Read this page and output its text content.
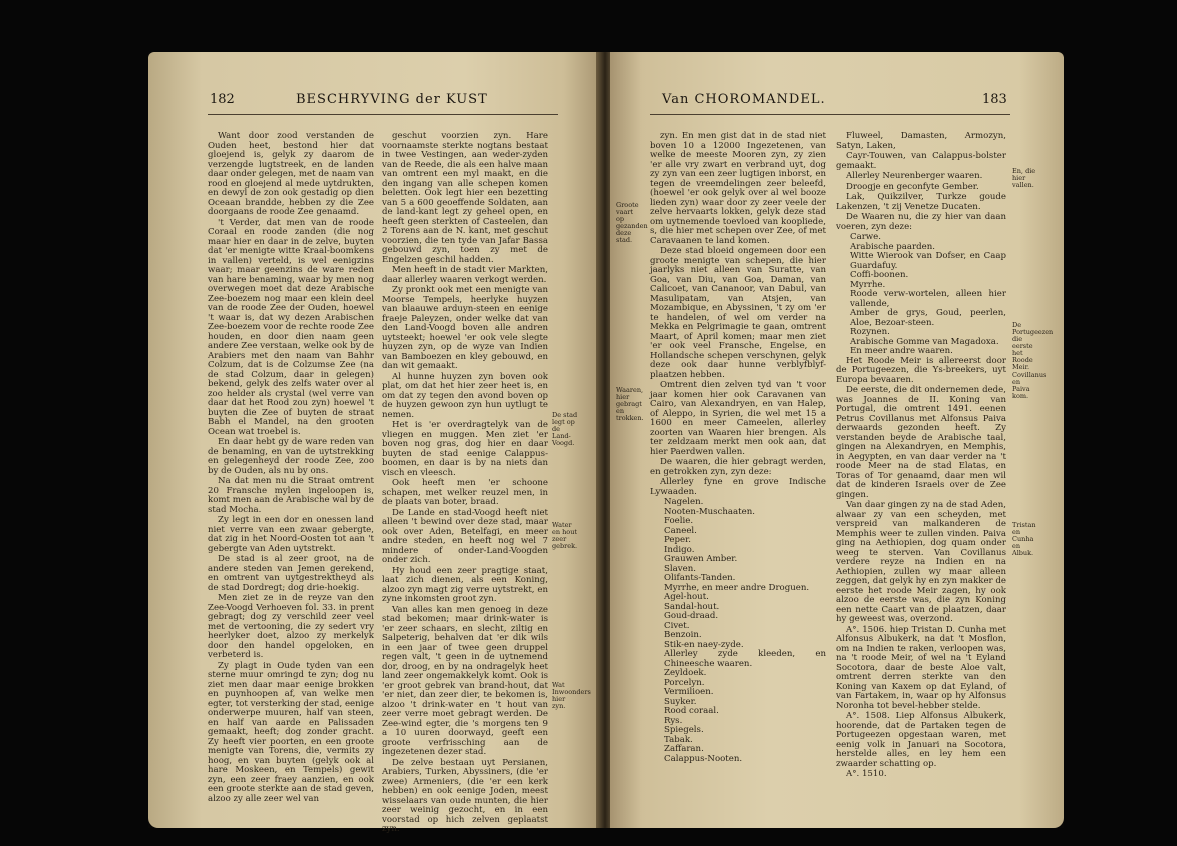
182	BESCHRYVING der KUST

Want door zood verstanden de Ouden heet, bestond hier dat gloejend is, gelyk zy daarom de verzengde lugtstreek, en de landen daar onder gelegen, met de naam van rood en gloejend al mede uytdrukten, en dewyl de zon ook gestadig op dien Oceaan brandde, hebben zy die Zee doorgaans de roode Zee genaamd.

't Verder, dat men van de roode Coraal en roode zanden (die nog maar hier en daar in de zelve, buyten dat 'er menigte witte Kraal-boomkens in vallen) verteld, is wel eenigzins waar; maar geenzins de ware reden van hare benaming, waar by men nog overwegen moet dat deze Arabische Zee-boezem nog maar een klein deel van de roode Zee der Ouden, hoewel 't waar is, dat wy dezen Arabischen Zee-boezem voor de rechte roode Zee houden, en door dien naam geen andere Zee verstaan, welke ook by de Arabiers met den naam van Bahhr Colzum, dat is de Colzumse Zee (na de stad Colzum, daar in gelegen) bekend, gelyk des zelfs water over al zoo helder als crystal (wel verre van daar dat het Rood zou zyn) hoewel 't buyten die Zee of buyten de straat Babh el Mandel, na den grooten Ocean wat troebel is.

En daar hebt gy de ware reden van de benaming, en van de uytstrekking en gelegenheyd der roode Zee, zoo by de Ouden, als nu by ons.

Na dat men nu die Straat omtrent 20 Fransche mylen ingeloopen is, komt men aan de Arabische wal by de stad Mocha.

Zy legt in een dor en onessen land niet verre van een zwaar gebergte, dat zig in het Noord-Oosten tot aan 't gebergte van Aden uytstrekt.

De stad is al zeer groot, na de andere steden van Jemen gerekend, en omtrent van uytgestrektheyd als de stad Dordregt; dog drie-hoekig.

Men ziet ze in de reyze van den Zee-Voogd Verhoeven fol. 33. in prent gebragt; dog zy verschild zeer veel met de vertooning, die zy sedert vry heerlyker doet, alzoo zy merkelyk door den handel opgeloken, en verbeterd is.

Zy plagt in Oude tyden van een sterne muur omringd te zyn; dog nu ziet men daar maar eenige brokken en puynhoopen af, van welke men egter, tot versterking der stad, eenige onderwerpe muuren, half van steen, en half van aarde en Palissaden gemaakt, heeft; dog zonder gracht. Zy heeft vier poorten, en een groote menigte van Torens, die, vermits zy hoog, en van buyten (gelyk ook al hare Moskeen, en Tempels) gewit zyn, een zeer fraey aanzien, en ook een groote sterkte aan de stad geven, alzoo zy alle zeer wel van

geschut voorzien zyn. Hare voornaamste sterkte nogtans bestaat in twee Vestingen, aan weder-zyden van de Reede, die als een halve maan van omtrent een myl maakt, en die den ingang van alle schepen komen beletten. Ook legt hier een bezetting van 5 a 600 geoeffende Soldaten, aan de land-kant legt zy geheel open, en heeft geen sterkten of Casteelen, dan 2 Torens aan de N. kant, met geschut voorzien, die ten tyde van Jafar Bassa gebouwd zyn, toen zy met de Engelzen geschil hadden.

Men heeft in de stadt vier Markten, daar allerley waaren verkogt werden.

Zy pronkt ook met een menigte van Moorse Tempels, heerlyke huyzen van blaauwe arduyn-steen en eenige fraeje Paleyzen, onder welke dat van den Land-Voogd boven alle andren uytsteekt; hoewel 'er ook vele slegte huyzen zyn, op de wyze van Indien van Bamboezen en kley gebouwd, en dan wit gemaakt.

Al hunne huyzen zyn boven ook plat, om dat het hier zeer heet is, en om dat zy tegen den avond boven op de huyzen gewoon zyn hun uytlugt te nemen.

Het is 'er overdragtelyk van de vliegen en muggen. Men ziet 'er boven nog gras, dog hier en daar buyten de stad eenige Calappus-boomen, en daar is by na niets dan visch en vleesch.

Ook heeft men 'er schoone schapen, met welker reuzel men, in de plaats van boter, braad.

De Lande en stad-Voogd heeft niet alleen 't bewind over deze stad, maar ook over Aden, Betelfagi, en meer andre steden, en heeft nog wel 7 mindere of onder-Land-Voogden onder zich.

Hy houd een zeer pragtige staat, laat zich dienen, als een Koning, alzoo zyn magt zig verre uytstrekt, en zyne inkomsten groot zyn.

Van alles kan men genoeg in deze stad bekomen; maar drink-water is 'er zeer schaars, en slecht, ziltig en Salpeterig, behalven dat 'er dik wils in een jaar of twee geen druppel regen valt, 't geen in de uytnemend dor, droog, en by na ondragelyk heet land zeer ongemakkelyk komt. Ook is 'er groot gebrek van brand-hout, dat 'er niet, dan zeer dier, te bekomen is, alzoo 't drink-water en 't hout van zeer verre moet gebragt werden. De Zee-wind egter, die 's morgens ten 9 a 10 uuren doorwayd, geeft een groote verfrissching aan de ingezetenen dezer stad.

De zelve bestaan uyt Persianen, Arabiers, Turken, Abyssiners, (die 'er zwee) Armeniers, (die 'er een kerk hebben) en ook eenige Joden, meest wisselaars van oude munten, die hier zeer weinig gezocht, en in een voorstad op hich zelven geplaatst zyn.

De stad legt op de Land-Voogd.
Water en hout zeer gebrek.
Wat Inwoonders hier zyn.
Van CHOROMANDEL.	183

zyn. En men gist dat in de stad niet boven 10 a 12000 Ingezetenen, van welke de meeste Mooren zyn, zy zien 'er alle vry zwart en verbrand uyt, dog zy zyn van een zeer lugtigen inborst, en tegen de vreemdelingen zeer beleefd, (hoewel 'er ook gelyk over al wel booze lieden zyn) waar door zy zeer veele der zelve hervaarts lokken, gelyk deze stad om uytnemende toevloed van koopliede, s, die hier met schepen over Zee, of met Caravaanen te land komen.

Deze stad bloeid ongemeen door een groote menigte van schepen, die hier jaarlyks niet alleen van Suratte, van Goa, van Diu, van Goa, Daman, van Calicoet, van Cananoor, van Dabul, van Masulipatam, van Atsjen, van Mozambique, en Abyssinen, 't zy om 'er te handelen, of wel om verder na Mekka en Pelgrimagie te gaan, omtrent Maart, of April komen; maar men ziet 'er ook veel Fransche, Engelse, en Hollandsche schepen verschynen, gelyk deze ook daar hunne verblyfblyf-plaatzen hebben.

Omtrent dien zelven tyd van 't voor jaar komen hier ook Caravanen van Cairo, van Alexandryen, en van Halep, of Aleppo, in Syrien, die wel met 15 a 1600 en meer Cameelen, allerley zoorten van Waaren hier brengen. Als ter zeldzaam merkt men ook aan, dat hier Paerdwen vallen.

De waaren, die hier gebragt werden, en getrokken zyn, zyn deze:

Allerley fyne en grove Indische Lywaaden.

Nagelen.
Nooten-Muschaaten.
Foelie.
Caneel.
Peper.
Indigo.
Grauwen Amber.
Slaven.
Olifants-Tanden.
Myrrhe, en meer andre Droguen.
Agel-hout.
Sandal-hout.
Goud-draad.
Civet.
Benzoin.
Stik-en naey-zyde.
Allerley zyde kleeden, en Chineesche waaren.
Zeyldoek.
Porcelyn.
Vermilioen.
Suyker.
Rood coraal.
Rys.
Spiegels.
Tabak.
Zaffaran.
Calappus-Nooten.

Fluweel, Damasten, Armozyn, Satyn, Laken,

Cayr-Touwen, van Calappus-bolster gemaakt.

Allerley Neurenberger waaren.

Droogje en geconfyte Gember.

Lak, Quikzilver, Turkze goude Lakenzen, 't zij Venetze Ducaten.

De Waaren nu, die zy hier van daan voeren, zyn deze:

Carwe.
Arabische paarden.
Witte Wierook van Dofser, en Caap Guardafuy.
Coffi-boonen.
Myrrhe.
Roode verw-wortelen, alleen hier vallende,
Amber de grys, Goud, peerlen, Aloe, Bezoar-steen.
Rozynen.
Arabische Gomme van Magadoxa.
En meer andre waaren.

Het Roode Meir is allereerst door de Portugeezen, die Ys-breekers, uyt Europa bevaaren.

De eerste, die dit ondernemen dede, was Joannes de II. Koning van Portugal, die omtrent 1491. eenen Petrus Covillanus met Alfonsus Paiva derwaards gezonden heeft. Zy verstanden beyde de Arabische taal, gingen na Alexandryen, en Memphis, in Aegypten, en van daar verder na 't roode Meer na de stad Elatas, en Toras of Tor genaamd, daar men wil dat de kinderen Israels over de Zee gingen.

Van daar gingen zy na de stad Aden, alwaar zy van een scheyden, met verspreid van malkanderen de Memphis weer te zullen vinden. Paiva ging na Aethiopien, dog quam onder weeg te sterven. Van Covillanus verdere reyze na Indien en na Aethiopien, zullen wy maar alleen zeggen, dat gelyk hy en zyn makker de eerste het roode Meir zagen, hy ook alzoo de eerste was, die zyn Koning een nette Caart van de plaatzen, daar hy geweest was, overzond.

A°. 1506. hiep Tristan D. Cunha met Alfonsus Albukerk, na dat 't Mosflon, om na Indien te raken, verloopen was, na 't roode Meir, of wel na 't Eyland Socotora, daar de beste Aloe valt, omtrent derren sterkte van den Koning van Kaxem op dat Eyland, of van Fartakem, in, waar op hy Alfonsus Noronha tot bevel-hebber stelde.

A°. 1508. Liep Alfonsus Albukerk, hoorende, dat de Partaken tegen de Portugeezen opgestaan waren, met eenig volk in Januari na Socotora, herstelde alles, en ley hem een zwaarder schatting op.

A°. 1510.

Groote vaart op gezanden deze stad.
Waaren, hier gebragt en trokken.
En, die hier vallen.
De Portugeezen die eerste het Roode Meir.
Covillanus en Paiva kom.
Tristan en Cunha en Albuk.
